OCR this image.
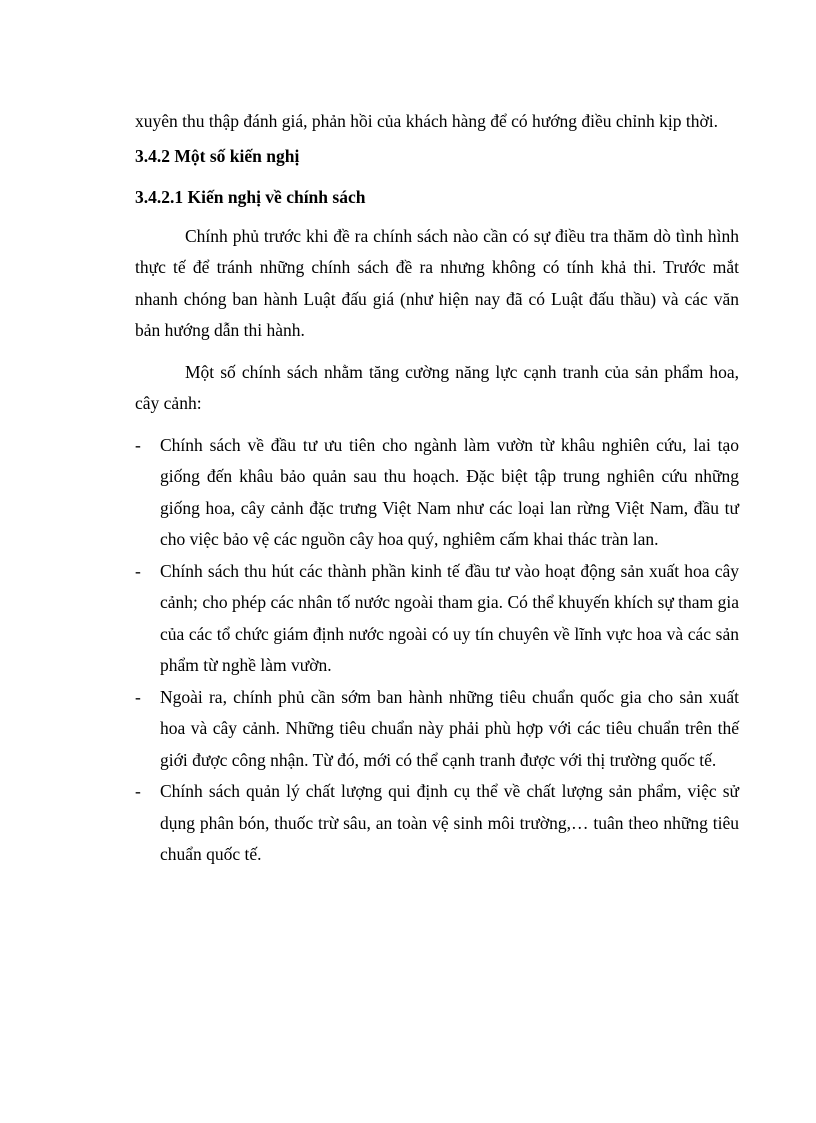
xuyên thu thập đánh giá, phản hồi của khách hàng để có hướng điều chỉnh kịp thời.

3.4.2 Một số kiến nghị
3.4.2.1 Kiến nghị về chính sách

Chính phủ trước khi đề ra chính sách nào cần có sự điều tra thăm dò tình hình thực tế để tránh những chính sách đề ra nhưng không có tính khả thi. Trước mắt nhanh chóng ban hành Luật đấu giá (như hiện nay đã có Luật đấu thầu) và các văn bản hướng dẫn thi hành.

Một số chính sách nhằm tăng cường năng lực cạnh tranh của sản phẩm hoa, cây cảnh:

-	Chính sách về đầu tư ưu tiên cho ngành làm vườn từ khâu nghiên cứu, lai tạo giống đến khâu bảo quản sau thu hoạch. Đặc biệt tập trung nghiên cứu những giống hoa, cây cảnh đặc trưng Việt Nam như các loại lan rừng Việt Nam, đầu tư cho việc bảo vệ các nguồn cây hoa quý, nghiêm cấm khai thác tràn lan.

-	Chính sách thu hút các thành phần kinh tế đầu tư vào hoạt động sản xuất hoa cây cảnh; cho phép các nhân tố nước ngoài tham gia. Có thể khuyến khích sự tham gia của các tổ chức giám định nước ngoài có uy tín chuyên về lĩnh vực hoa và các sản phẩm từ nghề làm vườn.

-	Ngoài ra, chính phủ cần sớm ban hành những tiêu chuẩn quốc gia cho sản xuất hoa và cây cảnh. Những tiêu chuẩn này phải phù hợp với các tiêu chuẩn trên thế giới được công nhận. Từ đó, mới có thể cạnh tranh được với thị trường quốc tế.

-	Chính sách quản lý chất lượng qui định cụ thể về chất lượng sản phẩm, việc sử dụng phân bón, thuốc trừ sâu, an toàn vệ sinh môi trường,… tuân theo những tiêu chuẩn quốc tế.
